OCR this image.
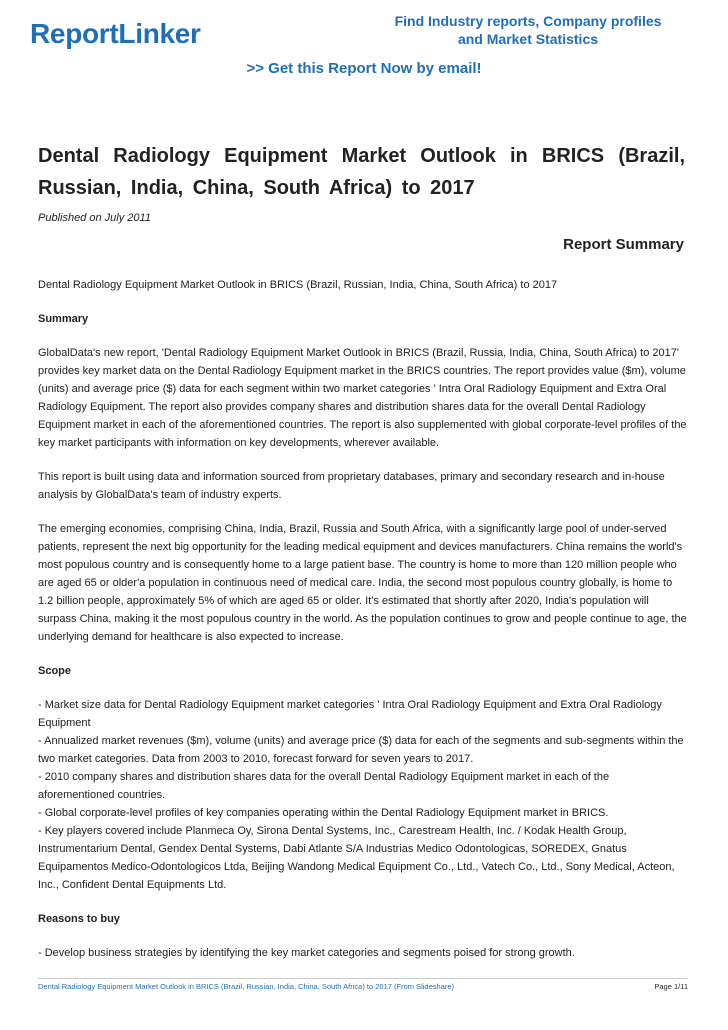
ReportLinker	Find Industry reports, Company profiles
and Market Statistics
>> Get this Report Now by email!
Dental Radiology Equipment Market Outlook in BRICS (Brazil, Russian, India, China, South Africa) to 2017
Published on July 2011
Report Summary
Dental Radiology Equipment Market Outlook in BRICS (Brazil, Russian, India, China, South Africa) to 2017
Summary
GlobalData's new report, 'Dental Radiology Equipment Market Outlook in BRICS (Brazil, Russia, India, China, South Africa) to 2017' provides key market data on the Dental Radiology Equipment market in the BRICS countries. The report provides value ($m), volume (units) and average price ($) data for each segment within two market categories ' Intra Oral Radiology Equipment and Extra Oral Radiology Equipment. The report also provides company shares and distribution shares data for the overall Dental Radiology Equipment market in each of the aforementioned countries. The report is also supplemented with global corporate-level profiles of the key market participants with information on key developments, wherever available.
This report is built using data and information sourced from proprietary databases, primary and secondary research and in-house analysis by GlobalData's team of industry experts.
The emerging economies, comprising China, India, Brazil, Russia and South Africa, with a significantly large pool of under-served patients, represent the next big opportunity for the leading medical equipment and devices manufacturers. China remains the world's most populous country and is consequently home to a large patient base. The country is home to more than 120 million people who are aged 65 or older'a population in continuous need of medical care. India, the second most populous country globally, is home to 1.2 billion people, approximately 5% of which are aged 65 or older. It's estimated that shortly after 2020, India's population will surpass China, making it the most populous country in the world. As the population continues to grow and people continue to age, the underlying demand for healthcare is also expected to increase.
Scope
- Market size data for Dental Radiology Equipment market categories ' Intra Oral Radiology Equipment and Extra Oral Radiology Equipment
- Annualized market revenues ($m), volume (units) and average price ($) data for each of the segments and sub-segments within the two market categories. Data from 2003 to 2010, forecast forward for seven years to 2017.
- 2010 company shares and distribution shares data for the overall Dental Radiology Equipment market in each of the aforementioned countries.
- Global corporate-level profiles of key companies operating within the Dental Radiology Equipment market in BRICS.
- Key players covered include Planmeca Oy, Sirona Dental Systems, Inc., Carestream Health, Inc. / Kodak Health Group, Instrumentarium Dental, Gendex Dental Systems, Dabi Atlante S/A Industrias Medico Odontologicas, SOREDEX, Gnatus Equipamentos Medico-Odontologicos Ltda, Beijing Wandong Medical Equipment Co., Ltd., Vatech Co., Ltd., Sony Medical, Acteon, Inc., Confident Dental Equipments Ltd.
Reasons to buy
- Develop business strategies by identifying the key market categories and segments poised for strong growth.
Dental Radiology Equipment Market Outlook in BRICS (Brazil, Russian, India, China, South Africa) to 2017 (From Slideshare)	Page 1/11
